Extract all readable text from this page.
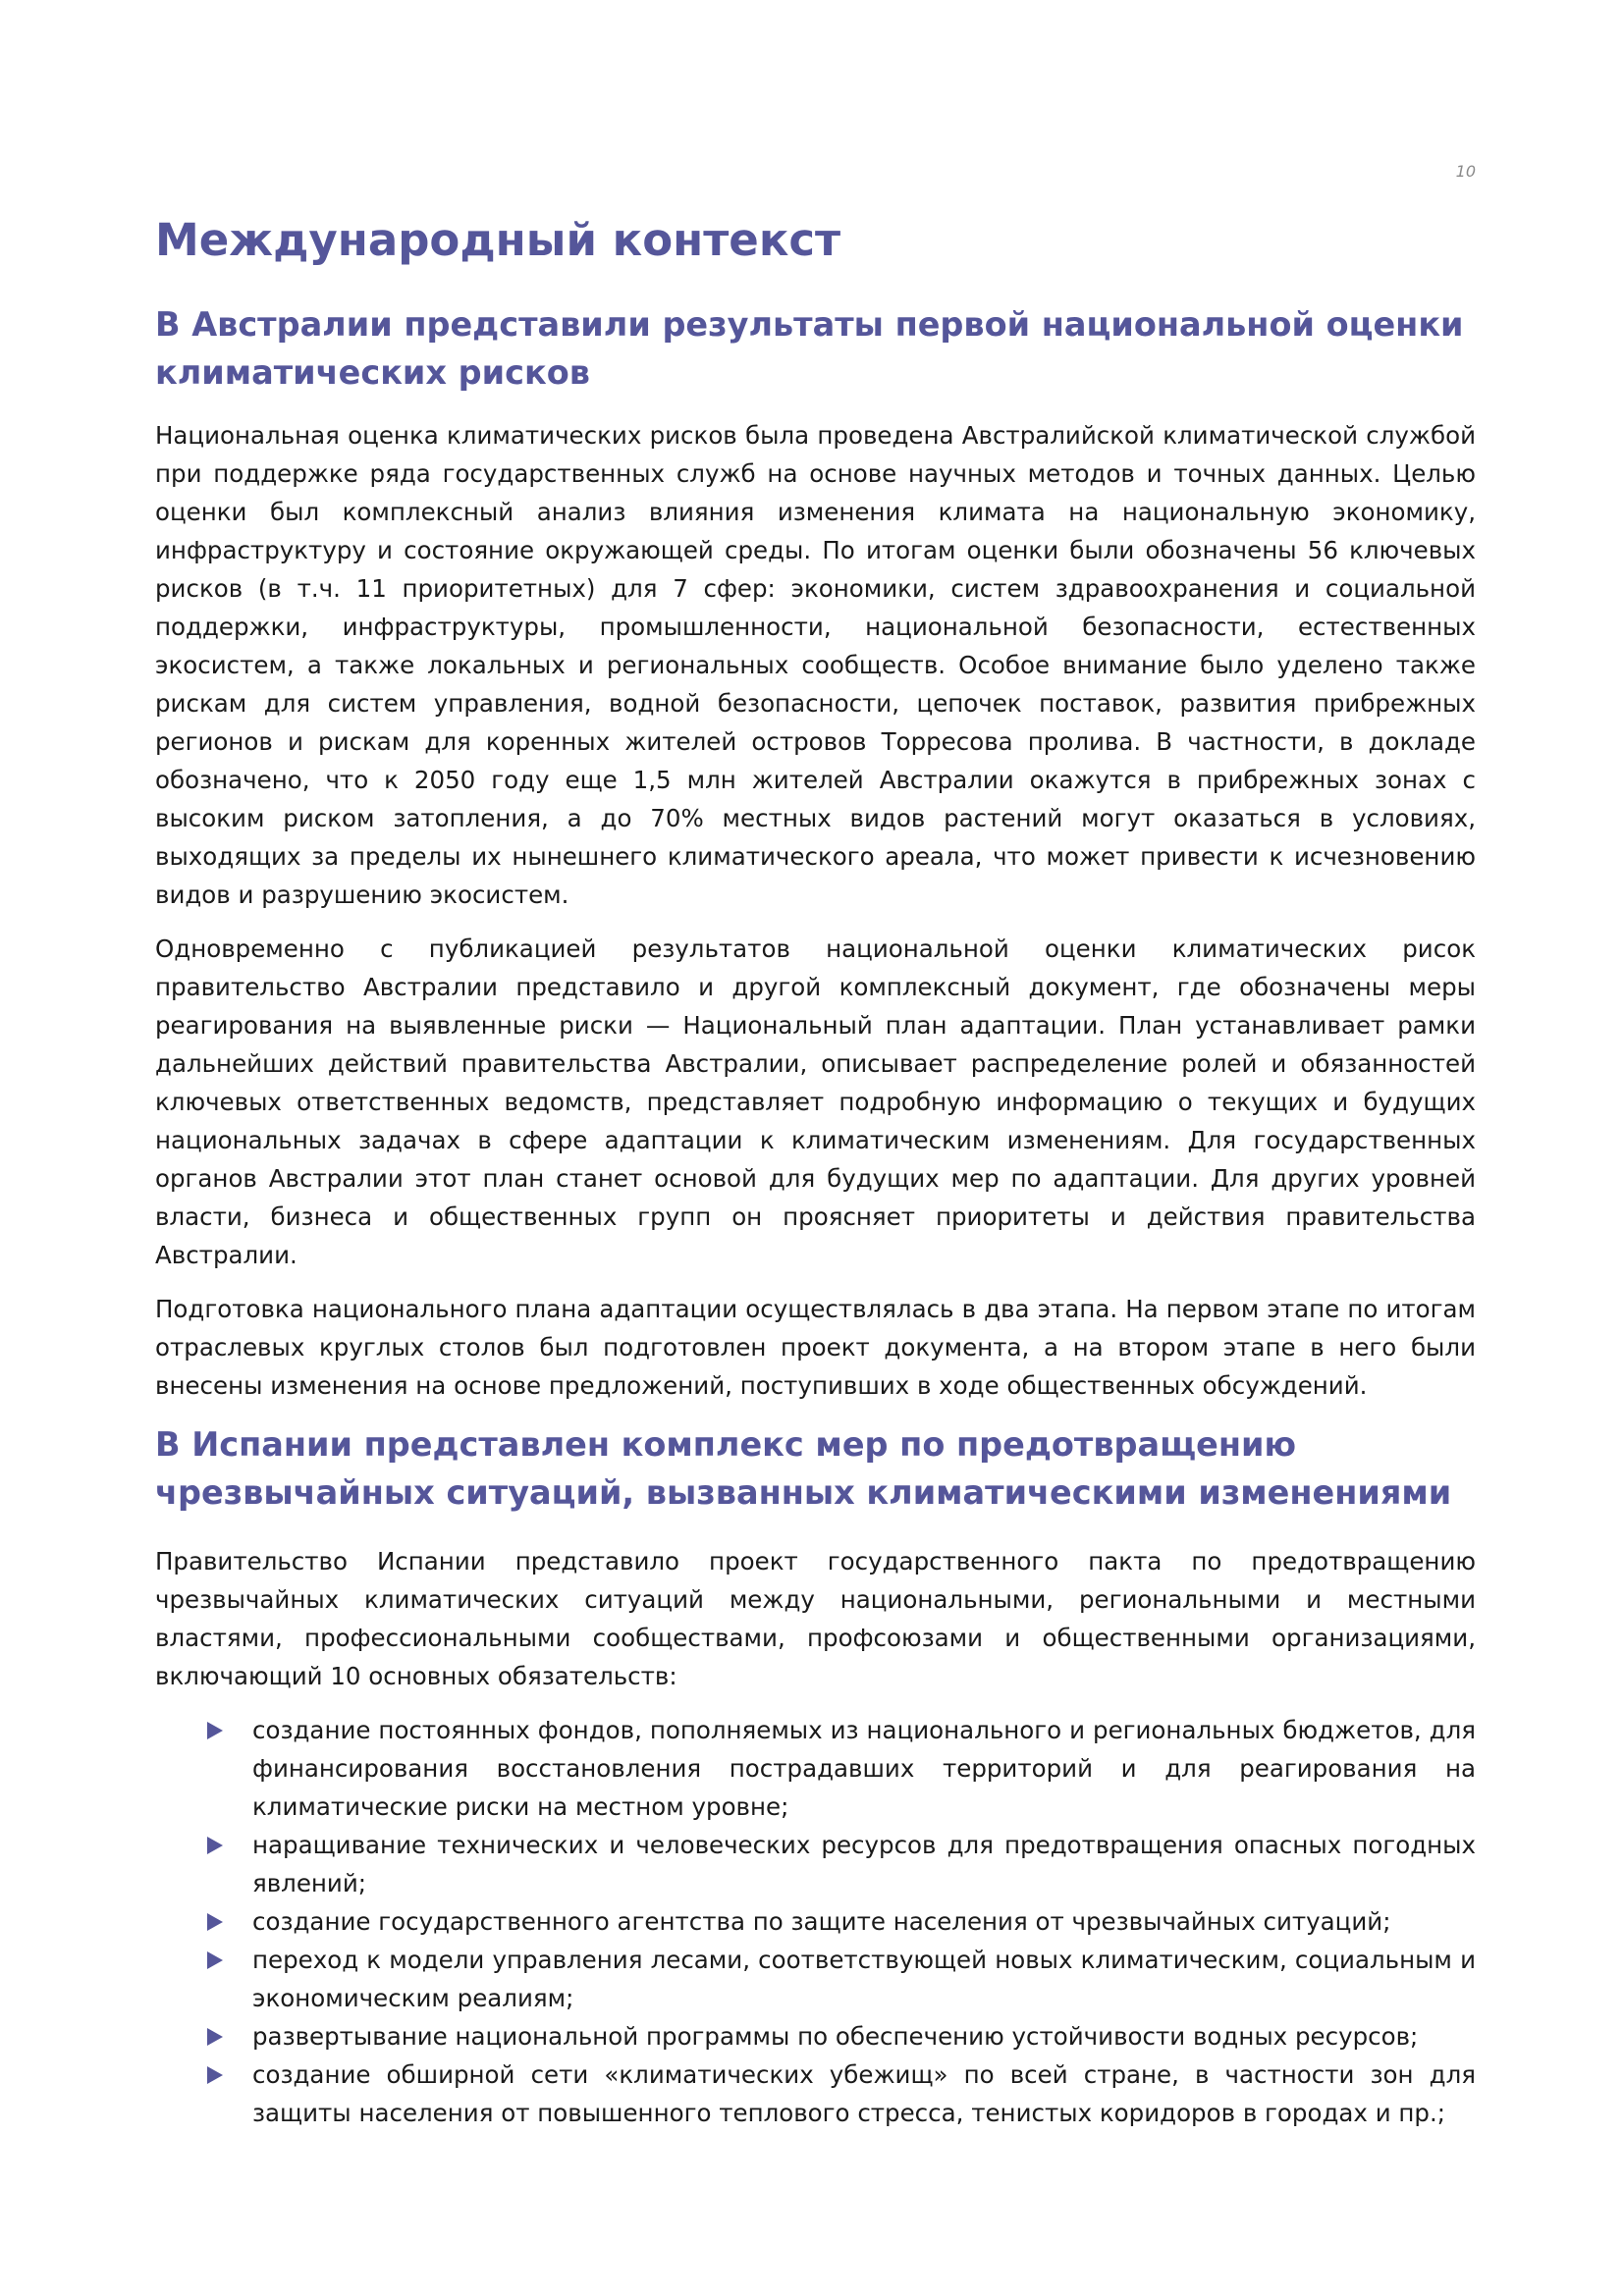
10
Международный контекст
В Австралии представили результаты первой национальной оценки климатических рисков

Национальная оценка климатических рисков была проведена Австралийской климатической службой при поддержке ряда государственных служб на основе научных методов и точных данных. Целью оценки был комплексный анализ влияния изменения климата на национальную экономику, инфраструктуру и состояние окружающей среды. По итогам оценки были обозначены 56 ключевых рисков (в т.ч. 11 приоритетных) для 7 сфер: экономики, систем здравоохранения и социальной поддержки, инфраструктуры, промышленности, национальной безопасности, естественных экосистем, а также локальных и региональных сообществ. Особое внимание было уделено также рискам для систем управления, водной безопасности, цепочек поставок, развития прибрежных регионов и рискам для коренных жителей островов Торресова пролива. В частности, в докладе обозначено, что к 2050 году еще 1,5 млн жителей Австралии окажутся в прибрежных зонах с высоким риском затопления, а до 70% местных видов растений могут оказаться в условиях, выходящих за пределы их нынешнего климатического ареала, что может привести к исчезновению видов и разрушению экосистем.

Одновременно с публикацией результатов национальной оценки климатических рисок правительство Австралии представило и другой комплексный документ, где обозначены меры реагирования на выявленные риски — Национальный план адаптации. План устанавливает рамки дальнейших действий правительства Австралии, описывает распределение ролей и обязанностей ключевых ответственных ведомств, представляет подробную информацию о текущих и будущих национальных задачах в сфере адаптации к климатическим изменениям. Для государственных органов Австралии этот план станет основой для будущих мер по адаптации. Для других уровней власти, бизнеса и общественных групп он проясняет приоритеты и действия правительства Австралии.

Подготовка национального плана адаптации осуществлялась в два этапа. На первом этапе по итогам отраслевых круглых столов был подготовлен проект документа, а на втором этапе в него были внесены изменения на основе предложений, поступивших в ходе общественных обсуждений.

В Испании представлен комплекс мер по предотвращению чрезвычайных ситуаций, вызванных климатическими изменениями

Правительство Испании представило проект государственного пакта по предотвращению чрезвычайных климатических ситуаций между национальными, региональными и местными властями, профессиональными сообществами, профсоюзами и общественными организациями, включающий 10 основных обязательств:

создание постоянных фондов, пополняемых из национального и региональных бюджетов, для финансирования восстановления пострадавших территорий и для реагирования на климатические риски на местном уровне;
наращивание технических и человеческих ресурсов для предотвращения опасных погодных явлений;
создание государственного агентства по защите населения от чрезвычайных ситуаций;
переход к модели управления лесами, соответствующей новых климатическим, социальным и экономическим реалиям;
развертывание национальной программы по обеспечению устойчивости водных ресурсов;
создание обширной сети «климатических убежищ» по всей стране, в частности зон для защиты населения от повышенного теплового стресса, тенистых коридоров в городах и пр.;
